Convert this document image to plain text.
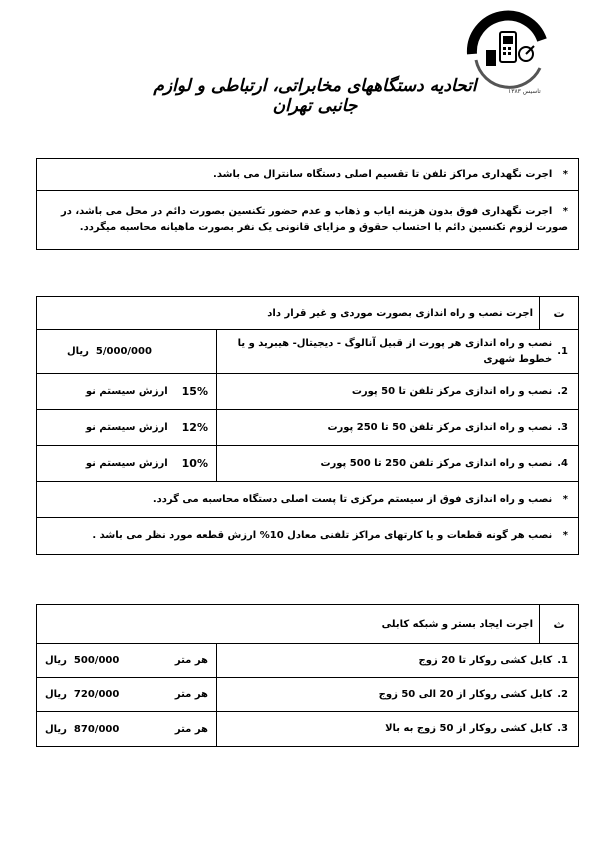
تاسیس ۱۳۸۳
اتحادیه دستگاههای مخابراتی، ارتباطی و لوازم جانبی تهران
*   اجرت نگهداری مراکز تلفن تا تقسیم اصلی دستگاه سانترال می باشد.
*   اجرت نگهداری فوق بدون هزینه ایاب و ذهاب و عدم حضور تکنسین بصورت دائم در محل می باشد، در صورت لزوم تکنسین دائم با احتساب حقوق و مزایای قانونی یک نفر بصورت ماهیانه محاسبه میگردد.
ت
اجرت نصب و راه اندازی بصورت موردی و غیر قرار داد
1.
نصب و راه اندازی هر پورت از قبیل آنالوگ - دیجیتال- هیبرید و یا خطوط شهری
5/000/000

ریال
2.
نصب و راه اندازی مرکز تلفن تا 50 پورت
15%
ارزش سیستم نو
3.
نصب و راه اندازی مرکز تلفن 50 تا 250 پورت
12%
ارزش سیستم نو
4.
نصب و راه اندازی مرکز تلفن 250 تا 500 پورت
10%
ارزش سیستم نو
*   نصب و راه اندازی فوق از سیستم مرکزی تا پست اصلی دستگاه محاسبه می گردد.
*   نصب هر گونه قطعات و یا کارتهای مراکز تلفنی معادل 10% ارزش قطعه مورد نظر می باشد .
ث
اجرت ایجاد بستر و شبکه کابلی
1.
کابل کشی روکار تا 20 زوج
هر متر
500/000  ریال
2.
کابل کشی روکار از 20 الی 50 زوج
هر متر
720/000  ریال
3.
کابل کشی روکار از 50 زوج به بالا
هر متر
870/000  ریال
